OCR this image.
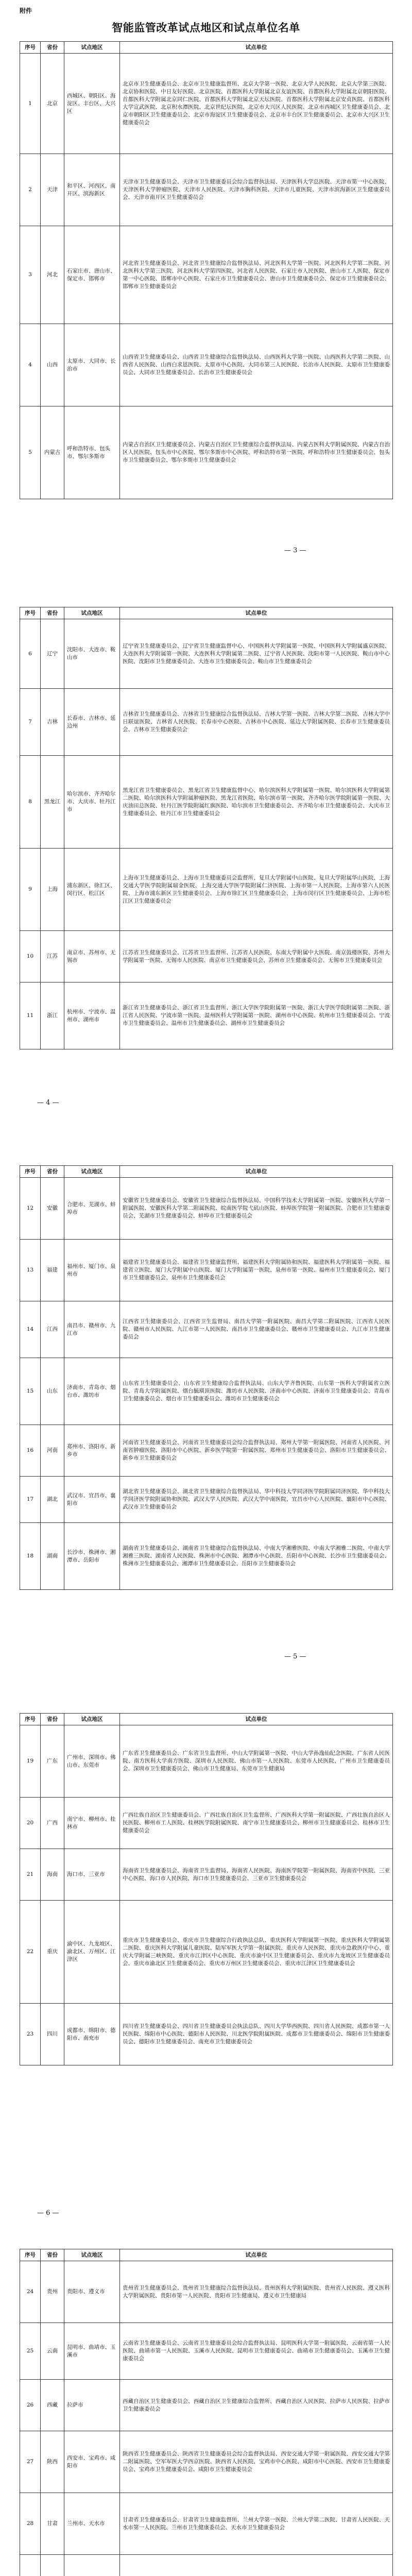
附件
智能监管改革试点地区和试点单位名单
序号	省份	试点地区	试点单位
1	北京	西城区、朝阳区、海淀区、丰台区、大兴区	北京市卫生健康委员会、北京市卫生健康监督所、北京大学第一医院、北京大学人民医院、北京大学第三医院、北京协和医院、中日友好医院、北京医院、首都医科大学附属北京友谊医院、首都医科大学附属北京朝阳医院、首都医科大学附属北京同仁医院、首都医科大学附属北京天坛医院、首都医科大学附属北京安贞医院、首都医科大学宣武医院、北京积水潭医院、北京世纪坛医院、北京市大兴区人民医院、北京市西城区卫生健康委员会、北京市朝阳区卫生健康委员会、北京市海淀区卫生健康委员会、北京市丰台区卫生健康委员会、北京市大兴区卫生健康委员会
2	天津	和平区、河西区、南开区、滨海新区	天津市卫生健康委员会、天津市卫生健康委员会综合监督执法局、天津医科大学总医院、天津市第一中心医院、天津医科大学肿瘤医院、天津市人民医院、天津市胸科医院、天津市儿童医院、天津市滨海新区卫生健康委员会、天津市南开区卫生健康委员会
3	河北	石家庄市、唐山市、保定市、邯郸市	河北省卫生健康委员会、河北省卫生健康综合监督执法局、河北医科大学第一医院、河北医科大学第二医院、河北医科大学第三医院、河北医科大学第四医院、河北省人民医院、石家庄市人民医院、唐山市工人医院、保定市第一中心医院、邯郸市中心医院、石家庄市卫生健康委员会、唐山市卫生健康委员会、保定市卫生健康委员会、邯郸市卫生健康委员会
4	山西	太原市、大同市、长治市	山西省卫生健康委员会、山西省卫生健康综合监督执法局、山西医科大学第一医院、山西医科大学第二医院、山西省人民医院、山西白求恩医院、太原市中心医院、大同市第三人民医院、长治市人民医院、太原市卫生健康委员会、大同市卫生健康委员会、长治市卫生健康委员会
5	内蒙古	呼和浩特市、包头市、鄂尔多斯市	内蒙古自治区卫生健康委员会、内蒙古自治区卫生健康综合监督执法局、内蒙古医科大学附属医院、内蒙古自治区人民医院、包头市中心医院、鄂尔多斯市中心医院、呼和浩特市第一医院、呼和浩特市卫生健康委员会、包头市卫生健康委员会、鄂尔多斯市卫生健康委员会
— 3 —
序号	省份	试点地区	试点单位
6	辽宁	沈阳市、大连市、鞍山市	辽宁省卫生健康委员会、辽宁省卫生健康监督中心、中国医科大学附属第一医院、中国医科大学附属盛京医院、大连医科大学附属第一医院、大连医科大学附属第二医院、辽宁省人民医院、沈阳市第一人民医院、鞍山市中心医院、沈阳市卫生健康委员会、大连市卫生健康委员会、鞍山市卫生健康委员会
7	吉林	长春市、吉林市、延边州	吉林省卫生健康委员会、吉林省卫生健康综合监督执法局、吉林大学第一医院、吉林大学第二医院、吉林大学中日联谊医院、吉林省人民医院、长春市中心医院、吉林市中心医院、延边大学附属医院、长春市卫生健康委员会、吉林市卫生健康委员会
8	黑龙江	哈尔滨市、齐齐哈尔市、大庆市、牡丹江市	黑龙江省卫生健康委员会、黑龙江省卫生健康监督中心、哈尔滨医科大学附属第一医院、哈尔滨医科大学附属第二医院、哈尔滨医科大学附属肿瘤医院、黑龙江省医院、哈尔滨市第一医院、齐齐哈尔医学院附属第一医院、大庆油田总医院、牡丹江医学院附属红旗医院、哈尔滨市卫生健康委员会、齐齐哈尔市卫生健康委员会、大庆市卫生健康委员会、牡丹江市卫生健康委员会
9	上海	浦东新区、徐汇区、闵行区、松江区	上海市卫生健康委员会、上海市卫生健康委员会监督所、复旦大学附属中山医院、复旦大学附属华山医院、上海交通大学医学院附属瑞金医院、上海交通大学医学院附属仁济医院、上海市第一人民医院、上海市第六人民医院、上海市浦东新区卫生健康委员会、上海市徐汇区卫生健康委员会、上海市闵行区卫生健康委员会、上海市松江区卫生健康委员会
10	江苏	南京市、苏州市、无锡市	江苏省卫生健康委员会、江苏省卫生监督所、江苏省人民医院、东南大学附属中大医院、南京鼓楼医院、苏州大学附属第一医院、无锡市人民医院、南京市卫生健康委员会、苏州市卫生健康委员会、无锡市卫生健康委员会
11	浙江	杭州市、宁波市、温州市、湖州市	浙江省卫生健康委员会、浙江省卫生监督所、浙江大学医学院附属第一医院、浙江大学医学院附属第二医院、浙江省人民医院、宁波市第一医院、温州医科大学附属第一医院、湖州市中心医院、杭州市卫生健康委员会、宁波市卫生健康委员会、温州市卫生健康委员会、湖州市卫生健康委员会
— 4 —
序号	省份	试点地区	试点单位
12	安徽	合肥市、芜湖市、蚌埠市	安徽省卫生健康委员会、安徽省卫生健康综合监督执法局、中国科学技术大学附属第一医院、安徽医科大学第一附属医院、安徽医科大学第二附属医院、皖南医学院弋矶山医院、蚌埠医学院第一附属医院、合肥市卫生健康委员会、芜湖市卫生健康委员会、蚌埠市卫生健康委员会
13	福建	福州市、厦门市、泉州市	福建省卫生健康委员会、福建省卫生健康监督所、福建医科大学附属协和医院、福建医科大学附属第一医院、福建省立医院、厦门大学附属中山医院、厦门大学附属第一医院、泉州市第一医院、福州市卫生健康委员会、厦门市卫生健康委员会、泉州市卫生健康委员会
14	江西	南昌市、赣州市、九江市	江西省卫生健康委员会、江西省卫生监督局、南昌大学第一附属医院、南昌大学第二附属医院、江西省人民医院、赣州市人民医院、九江市第一人民医院、南昌市卫生健康委员会、赣州市卫生健康委员会、九江市卫生健康委员会
15	山东	济南市、青岛市、烟台市、潍坊市	山东省卫生健康委员会、山东省卫生健康综合监督执法局、山东大学齐鲁医院、山东第一医科大学附属省立医院、青岛大学附属医院、烟台毓璜顶医院、潍坊市人民医院、济南市中心医院、济南市卫生健康委员会、青岛市卫生健康委员会、烟台市卫生健康委员会、潍坊市卫生健康委员会
16	河南	郑州市、洛阳市、新乡市	河南省卫生健康委员会、河南省卫生健康委员会综合监督执法局、郑州大学第一附属医院、河南省人民医院、河南省肿瘤医院、洛阳市中心医院、新乡医学院第一附属医院、郑州市卫生健康委员会、洛阳市卫生健康委员会、新乡市卫生健康委员会
17	湖北	武汉市、宜昌市、襄阳市	湖北省卫生健康委员会、湖北省卫生健康综合监督执法局、华中科技大学同济医学院附属同济医院、华中科技大学同济医学院附属协和医院、武汉大学人民医院、武汉大学中南医院、宜昌市中心人民医院、襄阳市中心医院、武汉市卫生健康委员会
18	湖南	长沙市、株洲市、湘潭市、岳阳市	湖南省卫生健康委员会、湖南省卫生健康综合监督执法局、中南大学湘雅医院、中南大学湘雅二医院、中南大学湘雅三医院、湖南省人民医院、株洲市中心医院、湘潭市中心医院、岳阳市中心医院、长沙市卫生健康委员会、株洲市卫生健康委员会、湘潭市卫生健康委员会、岳阳市卫生健康委员会
— 5 —
序号	省份	试点地区	试点单位
19	广东	广州市、深圳市、佛山市、东莞市	广东省卫生健康委员会、广东省卫生监督所、中山大学附属第一医院、中山大学孙逸仙纪念医院、广东省人民医院、南方医科大学南方医院、深圳市人民医院、佛山市第一人民医院、东莞市人民医院、广州市卫生健康委员会、深圳市卫生健康委员会、佛山市卫生健康局、东莞市卫生健康局
20	广西	南宁市、柳州市、桂林市	广西壮族自治区卫生健康委员会、广西壮族自治区卫生监督所、广西医科大学第一附属医院、广西壮族自治区人民医院、柳州市工人医院、桂林医学院附属医院、南宁市卫生健康委员会、柳州市卫生健康委员会、桂林市卫生健康委员会
21	海南	海口市、三亚市	海南省卫生健康委员会、海南省卫生监督局、海南省人民医院、海南医学院第一附属医院、海南省中医院、三亚中心医院、海口市人民医院、海口市卫生健康委员会、三亚市卫生健康委员会
22	重庆	渝中区、九龙坡区、渝北区、万州区、江津区	重庆市卫生健康委员会、重庆市卫生健康综合行政执法总队、重庆医科大学附属第一医院、重庆医科大学附属第二医院、重庆医科大学附属儿童医院、陆军军医大学第一附属医院、重庆市人民医院、重庆市急救医疗中心、重庆大学附属三峡医院、重庆市江津区中心医院、重庆市渝中区卫生健康委员会、重庆市九龙坡区卫生健康委员会、重庆市渝北区卫生健康委员会、重庆市万州区卫生健康委员会、重庆市江津区卫生健康委员会
23	四川	成都市、绵阳市、德阳市、南充市	四川省卫生健康委员会、四川省卫生健康委员会执法总队、四川大学华西医院、四川省人民医院、成都市第一人民医院、绵阳市中心医院、德阳市人民医院、川北医学院附属医院、成都市卫生健康委员会、绵阳市卫生健康委员会、德阳市卫生健康委员会、南充市卫生健康委员会
— 6 —
序号	省份	试点地区	试点单位
24	贵州	贵阳市、遵义市	贵州省卫生健康委员会、贵州省卫生健康综合监督执法局、贵州医科大学附属医院、贵州省人民医院、遵义医科大学附属医院、贵阳市第一人民医院、贵阳市卫生健康局、遵义市卫生健康局
25	云南	昆明市、曲靖市、玉溪市	云南省卫生健康委员会、云南省卫生健康委员会综合监督执法局、昆明医科大学第一附属医院、云南省第一人民医院、曲靖市第一人民医院、玉溪市人民医院、昆明市卫生健康委员会、曲靖市卫生健康委员会、玉溪市卫生健康委员会
26	西藏	拉萨市	西藏自治区卫生健康委员会、西藏自治区卫生健康综合监督所、西藏自治区人民医院、拉萨市人民医院、拉萨市卫生健康委员会
27	陕西	西安市、宝鸡市、咸阳市	陕西省卫生健康委员会、陕西省卫生健康委员会综合监督执法局、西安交通大学第一附属医院、西安交通大学第二附属医院、空军军医大学西京医院、陕西省人民医院、宝鸡市中心医院、咸阳市中心医院、西安市卫生健康委员会、宝鸡市卫生健康委员会、咸阳市卫生健康委员会
28	甘肃	兰州市、天水市	甘肃省卫生健康委员会、甘肃省卫生健康监督所、兰州大学第一医院、兰州大学第二医院、甘肃省人民医院、天水市第一人民医院、兰州市卫生健康委员会、天水市卫生健康委员会
